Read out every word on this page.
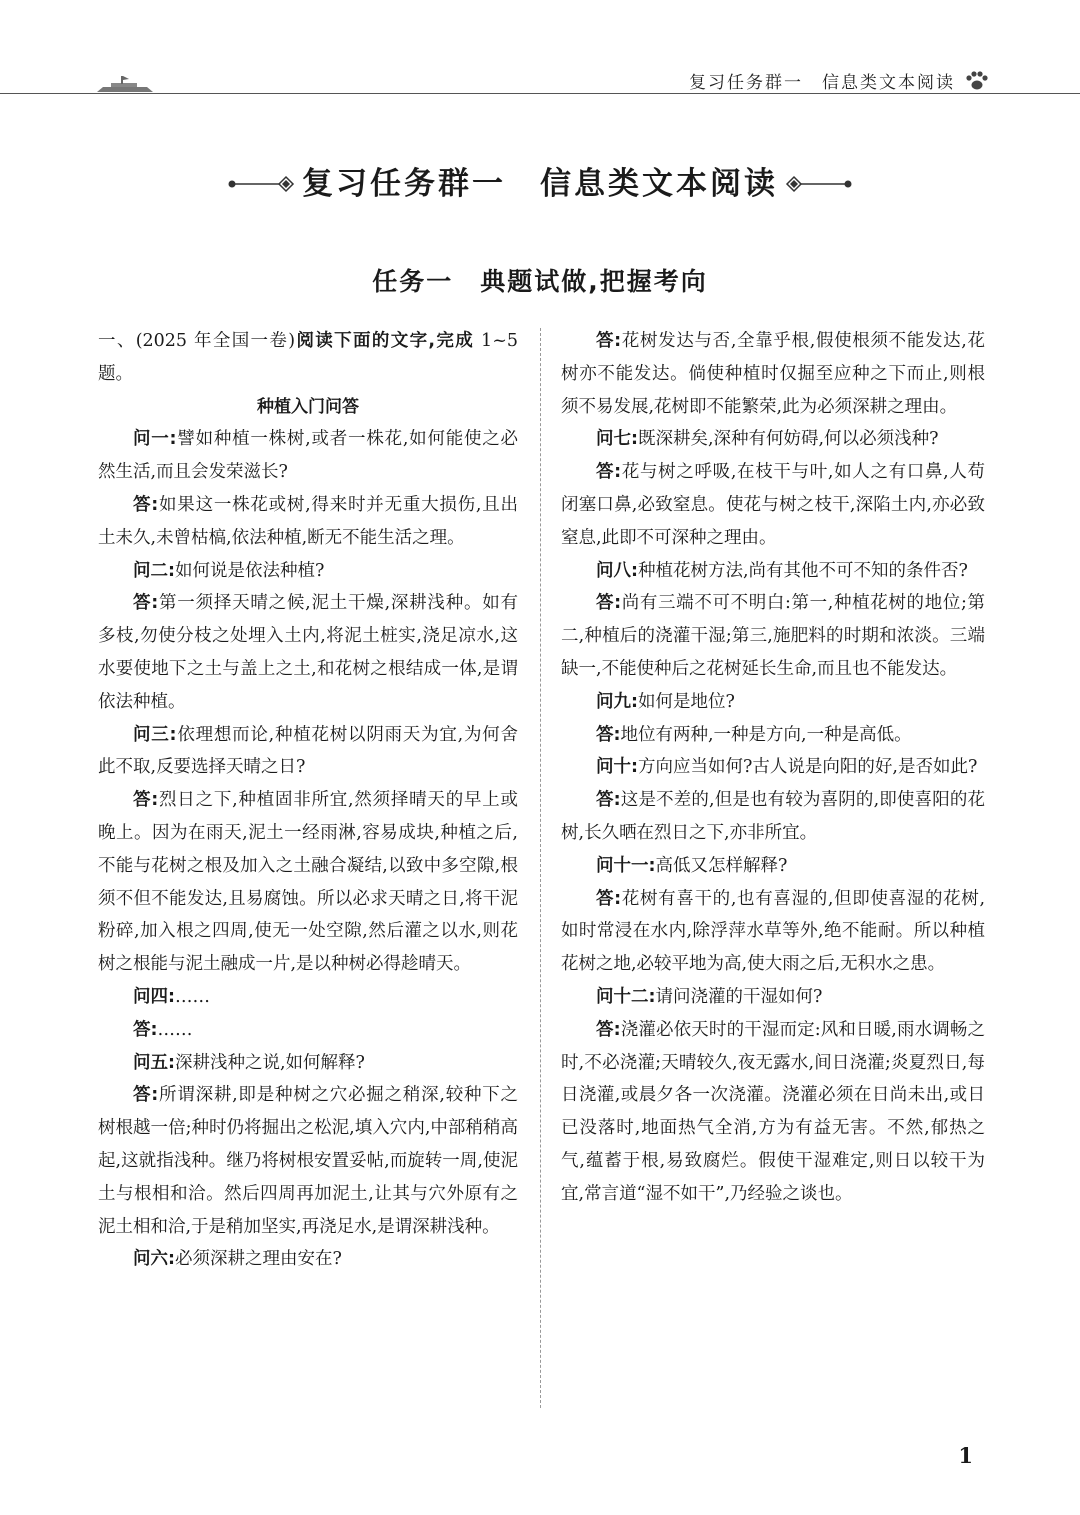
复习任务群一　信息类文本阅读
复习任务群一　信息类文本阅读
任务一　典题试做,把握考向

一、(2025 年全国一卷)阅读下面的文字,完成 1~5 题。

种植入门问答

问一:譬如种植一株树,或者一株花,如何能使之必然生活,而且会发荣滋长?

答:如果这一株花或树,得来时并无重大损伤,且出土未久,未曾枯槁,依法种植,断无不能生活之理。

问二:如何说是依法种植?

答:第一须择天晴之候,泥土干燥,深耕浅种。如有多枝,勿使分枝之处埋入土内,将泥土桩实,浇足凉水,这水要使地下之土与盖上之土,和花树之根结成一体,是谓依法种植。

问三:依理想而论,种植花树以阴雨天为宜,为何舍此不取,反要选择天晴之日?

答:烈日之下,种植固非所宜,然须择晴天的早上或晚上。因为在雨天,泥土一经雨淋,容易成块,种植之后,不能与花树之根及加入之土融合凝结,以致中多空隙,根须不但不能发达,且易腐蚀。所以必求天晴之日,将干泥粉碎,加入根之四周,使无一处空隙,然后灌之以水,则花树之根能与泥土融成一片,是以种树必得趁晴天。

问四:……

答:……

问五:深耕浅种之说,如何解释?

答:所谓深耕,即是种树之穴必掘之稍深,较种下之树根越一倍;种时仍将掘出之松泥,填入穴内,中部稍稍高起,这就指浅种。继乃将树根安置妥帖,而旋转一周,使泥土与根相和洽。然后四周再加泥土,让其与穴外原有之泥土相和洽,于是稍加坚实,再浇足水,是谓深耕浅种。

问六:必须深耕之理由安在?

答:花树发达与否,全靠乎根,假使根须不能发达,花树亦不能发达。倘使种植时仅掘至应种之下而止,则根须不易发展,花树即不能繁荣,此为必须深耕之理由。

问七:既深耕矣,深种有何妨碍,何以必须浅种?

答:花与树之呼吸,在枝干与叶,如人之有口鼻,人苟闭塞口鼻,必致窒息。使花与树之枝干,深陷土内,亦必致窒息,此即不可深种之理由。

问八:种植花树方法,尚有其他不可不知的条件否?

答:尚有三端不可不明白:第一,种植花树的地位;第二,种植后的浇灌干湿;第三,施肥料的时期和浓淡。三端缺一,不能使种后之花树延长生命,而且也不能发达。

问九:如何是地位?

答:地位有两种,一种是方向,一种是高低。

问十:方向应当如何?古人说是向阳的好,是否如此?

答:这是不差的,但是也有较为喜阴的,即使喜阳的花树,长久晒在烈日之下,亦非所宜。

问十一:高低又怎样解释?

答:花树有喜干的,也有喜湿的,但即使喜湿的花树,如时常浸在水内,除浮萍水草等外,绝不能耐。所以种植花树之地,必较平地为高,使大雨之后,无积水之患。

问十二:请问浇灌的干湿如何?

答:浇灌必依天时的干湿而定:风和日暖,雨水调畅之时,不必浇灌;天晴较久,夜无露水,间日浇灌;炎夏烈日,每日浇灌,或晨夕各一次浇灌。浇灌必须在日尚未出,或日已没落时,地面热气全消,方为有益无害。不然,郁热之气,蕴蓄于根,易致腐烂。假使干湿难定,则日以较干为宜,常言道“湿不如干”,乃经验之谈也。

1
